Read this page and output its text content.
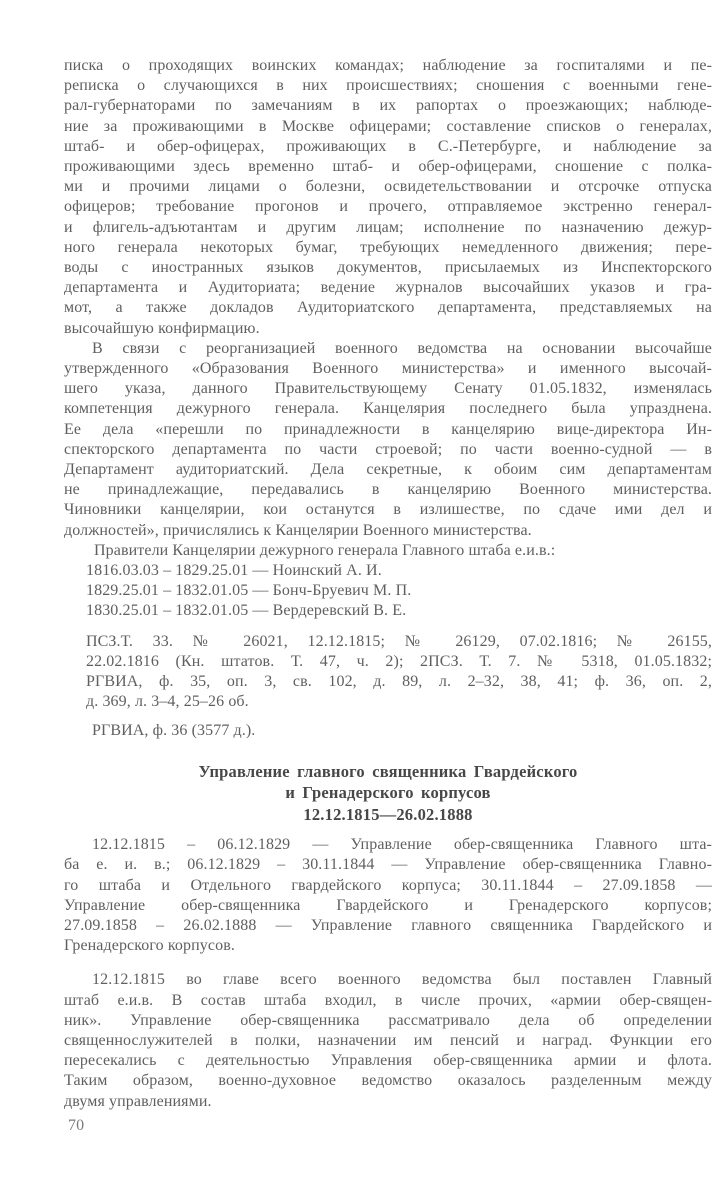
писка о проходящих воинских командах; наблюдение за госпиталями и пе-
реписка о случающихся в них происшествиях; сношения с военными гене-
рал-губернаторами по замечаниям в их рапортах о проезжающих; наблюде-
ние за проживающими в Москве офицерами; составление списков о генералах,
штаб- и обер-офицерах, проживающих в С.-Петербурге, и наблюдение за
проживающими здесь временно штаб- и обер-офицерами, сношение с полка-
ми и прочими лицами о болезни, освидетельствовании и отсрочке отпуска
офицеров; требование прогонов и прочего, отправляемое экстренно генерал-
и флигель-адъютантам и другим лицам; исполнение по назначению дежур-
ного генерала некоторых бумаг, требующих немедленного движения; пере-
воды с иностранных языков документов, присылаемых из Инспекторского
департамента и Аудиториата; ведение журналов высочайших указов и гра-
мот, а также докладов Аудиториатского департамента, представляемых на
высочайшую конфирмацию.
В связи с реорганизацией военного ведомства на основании высочайше
утвержденного «Образования Военного министерства» и именного высочай-
шего указа, данного Правительствующему Сенату 01.05.1832, изменялась
компетенция дежурного генерала. Канцелярия последнего была упразднена.
Ее дела «перешли по принадлежности в канцелярию вице-директора Ин-
спекторского департамента по части строевой; по части военно-судной — в
Департамент аудиториатский. Дела секретные, к обоим сим департаментам
не принадлежащие, передавались в канцелярию Военного министерства.
Чиновники канцелярии, кои останутся в излишестве, по сдаче ими дел и
должностей», причислялись к Канцелярии Военного министерства.
Правители Канцелярии дежурного генерала Главного штаба е.и.в.:
1816.03.03 – 1829.25.01 — Ноинский А. И.
1829.25.01 – 1832.01.05 — Бонч-Бруевич М. П.
1830.25.01 – 1832.01.05 — Вердеревский В. Е.
ПСЗ.Т. 33. № 26021, 12.12.1815; № 26129, 07.02.1816; № 26155,
22.02.1816 (Кн. штатов. Т. 47, ч. 2); 2ПСЗ. Т. 7. № 5318, 01.05.1832;
РГВИА, ф. 35, оп. 3, св. 102, д. 89, л. 2–32, 38, 41; ф. 36, оп. 2,
д. 369, л. 3–4, 25–26 об.
РГВИА, ф. 36 (3577 д.).
Управление главного священника Гвардейского
и Гренадерского корпусов
12.12.1815—26.02.1888
12.12.1815 – 06.12.1829 — Управление обер-священника Главного шта-
ба е. и. в.; 06.12.1829 – 30.11.1844 — Управление обер-священника Главно-
го штаба и Отдельного гвардейского корпуса; 30.11.1844 – 27.09.1858 —
Управление обер-священника Гвардейского и Гренадерского корпусов;
27.09.1858 – 26.02.1888 — Управление главного священника Гвардейского и
Гренадерского корпусов.
12.12.1815 во главе всего военного ведомства был поставлен Главный
штаб е.и.в. В состав штаба входил, в числе прочих, «армии обер-священ-
ник». Управление обер-священника рассматривало дела об определении
священнослужителей в полки, назначении им пенсий и наград. Функции его
пересекались с деятельностью Управления обер-священника армии и флота.
Таким образом, военно-духовное ведомство оказалось разделенным между
двумя управлениями.
70
